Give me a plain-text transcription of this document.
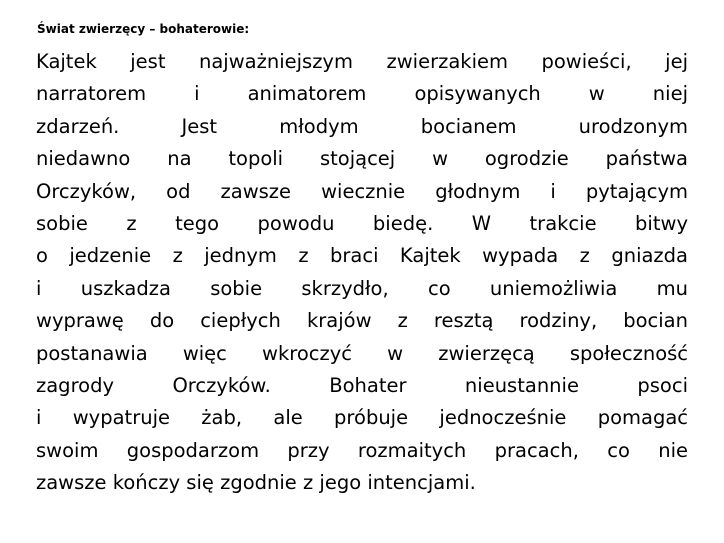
Świat zwierzęcy – bohaterowie:
Kajtek jest najważniejszym zwierzakiem powieści, jej
narratorem i animatorem opisywanych w niej
zdarzeń. Jest młodym bocianem urodzonym
niedawno na topoli stojącej w ogrodzie państwa
Orczyków, od zawsze wiecznie głodnym i pytającym
sobie z tego powodu biedę. W trakcie bitwy
o jedzenie z jednym z braci Kajtek wypada z gniazda
i uszkadza sobie skrzydło, co uniemożliwia mu
wyprawę do ciepłych krajów z resztą rodziny, bocian
postanawia więc wkroczyć w zwierzęcą społeczność
zagrody Orczyków. Bohater nieustannie psoci
i wypatruje żab, ale próbuje jednocześnie pomagać
swoim gospodarzom przy rozmaitych pracach, co nie
zawsze kończy się zgodnie z jego intencjami.
